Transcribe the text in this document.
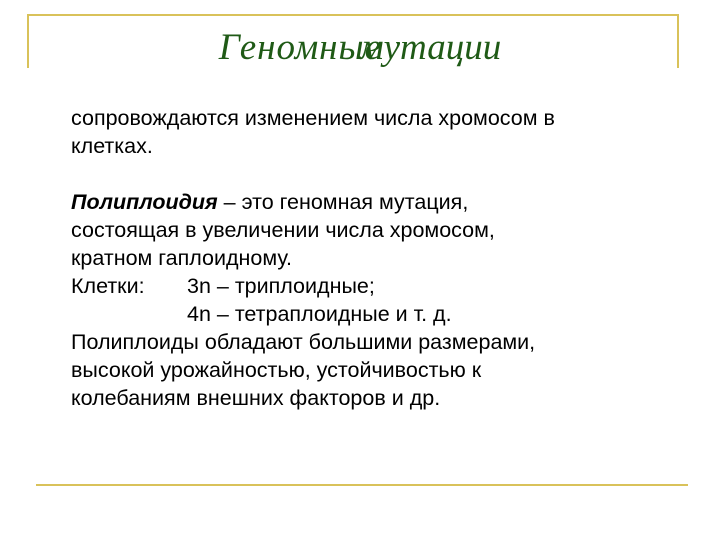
Геномныемутации

сопровождаются изменением числа хромосом в

клетках.

Полиплоидия – это геномная мутация,

состоящая в увеличении числа хромосом,

кратном гаплоидному.

Клетки: 3n – триплоидные;

4n – тетраплоидные и т. д.

Полиплоиды обладают большими размерами,

высокой урожайностью, устойчивостью к

колебаниям внешних факторов и др.
